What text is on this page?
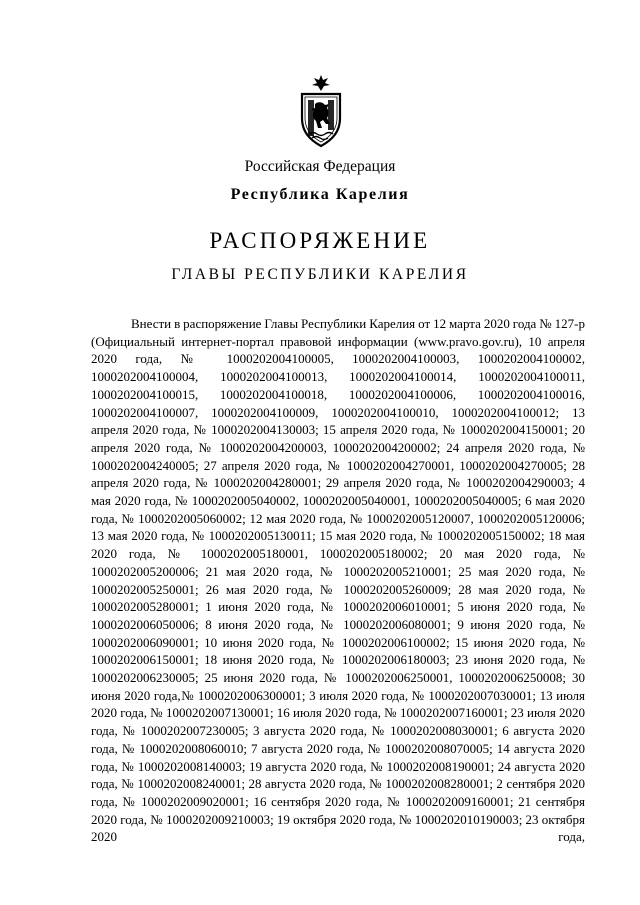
Российская Федерация
Республика Карелия
РАСПОРЯЖЕНИЕ
ГЛАВЫ РЕСПУБЛИКИ КАРЕЛИЯ

Внести в распоряжение Главы Республики Карелия от 12 марта 2020 года № 127-р (Официальный интернет-портал правовой информации (www.pravo.gov.ru), 10 апреля 2020 года, № 1000202004100005, 1000202004100003, 1000202004100002, 1000202004100004, 1000202004100013, 1000202004100014, 1000202004100011, 1000202004100015, 1000202004100018, 1000202004100006, 1000202004100016, 1000202004100007, 1000202004100009, 1000202004100010, 1000202004100012; 13 апреля 2020 года, № 1000202004130003; 15 апреля 2020 года, № 1000202004150001; 20 апреля 2020 года, № 1000202004200003, 1000202004200002; 24 апреля 2020 года, № 1000202004240005; 27 апреля 2020 года, № 1000202004270001, 1000202004270005; 28 апреля 2020 года, № 1000202004280001; 29 апреля 2020 года, № 1000202004290003; 4 мая 2020 года, № 1000202005040002, 1000202005040001, 1000202005040005; 6 мая 2020 года, № 1000202005060002; 12 мая 2020 года, № 1000202005120007, 1000202005120006; 13 мая 2020 года, № 1000202005130011; 15 мая 2020 года, № 1000202005150002; 18 мая 2020 года, № 1000202005180001, 1000202005180002; 20 мая 2020 года, № 1000202005200006; 21 мая 2020 года, № 1000202005210001; 25 мая 2020 года, № 1000202005250001; 26 мая 2020 года, № 1000202005260009; 28 мая 2020 года, № 1000202005280001; 1 июня 2020 года, № 1000202006010001; 5 июня 2020 года, № 1000202006050006; 8 июня 2020 года, № 1000202006080001; 9 июня 2020 года, № 1000202006090001; 10 июня 2020 года, № 1000202006100002; 15 июня 2020 года, № 1000202006150001; 18 июня 2020 года, № 1000202006180003; 23 июня 2020 года, № 1000202006230005; 25 июня 2020 года, № 1000202006250001, 1000202006250008; 30 июня 2020 года,№ 1000202006300001; 3 июля 2020 года, № 1000202007030001; 13 июля 2020 года, № 1000202007130001; 16 июля 2020 года, № 1000202007160001; 23 июля 2020 года, № 1000202007230005; 3 августа 2020 года, № 1000202008030001; 6 августа 2020 года, № 1000202008060010; 7 августа 2020 года, № 1000202008070005; 14 августа 2020 года, № 1000202008140003; 19 августа 2020 года, № 1000202008190001; 24 августа 2020 года, № 1000202008240001; 28 августа 2020 года, № 1000202008280001; 2 сентября 2020 года, № 1000202009020001; 16 сентября 2020 года, № 1000202009160001; 21 сентября 2020 года, № 1000202009210003; 19 октября 2020 года, № 1000202010190003; 23 октября 2020 года,
